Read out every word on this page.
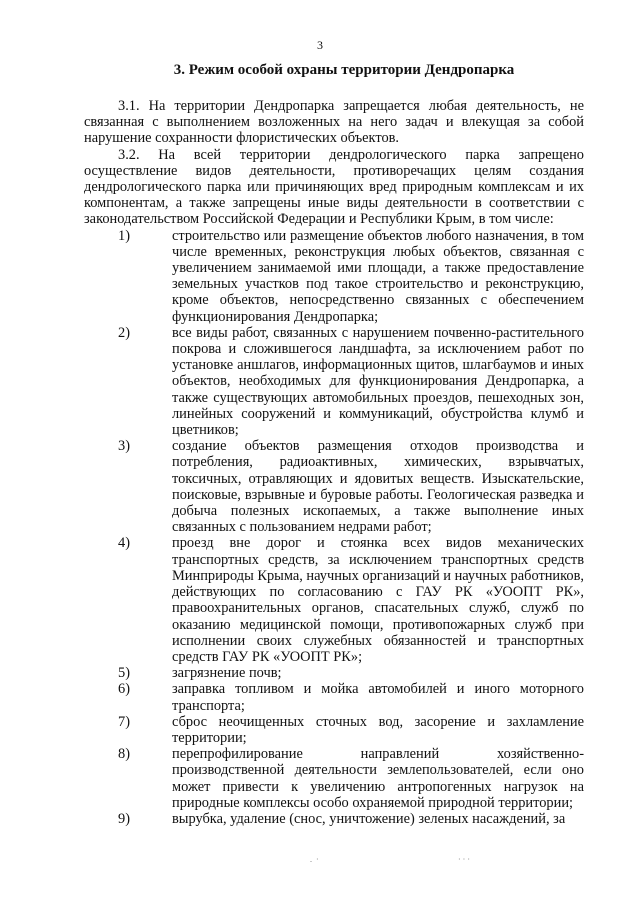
3
3. Режим особой охраны территории Дендропарка

3.1. На территории Дендропарка запрещается любая деятельность, не связанная с выполнением возложенных на него задач и влекущая за собой нарушение сохранности флористических объектов.

3.2. На всей территории дендрологического парка запрещено осуществление видов деятельности, противоречащих целям создания дендрологического парка или причиняющих вред природным комплексам и их компонентам, а также запрещены иные виды деятельности в соответствии с законодательством Российской Федерации и Республики Крым, в том числе:

1)	строительство или размещение объектов любого назначения, в том числе временных, реконструкция любых объектов, связанная с увеличением занимаемой ими площади, а также предоставление земельных участков под такое строительство и реконструкцию, кроме объектов, непосредственно связанных с обеспечением функционирования Дендропарка;

2)	все виды работ, связанных с нарушением почвенно-растительного покрова и сложившегося ландшафта, за исключением работ по установке аншлагов, информационных щитов, шлагбаумов и иных объектов, необходимых для функционирования Дендропарка, а также существующих автомобильных проездов, пешеходных зон, линейных сооружений и коммуникаций, обустройства клумб и цветников;

3)	создание объектов размещения отходов производства и потребления, радиоактивных, химических, взрывчатых, токсичных, отравляющих и ядовитых веществ. Изыскательские, поисковые, взрывные и буровые работы. Геологическая разведка и добыча полезных ископаемых, а также выполнение иных связанных с пользованием недрами работ;

4)	проезд вне дорог и стоянка всех видов механических транспортных средств, за исключением транспортных средств Минприроды Крыма, научных организаций и научных работников, действующих по согласованию с ГАУ РК «УООПТ РК», правоохранительных органов, спасательных служб, служб по оказанию медицинской помощи, противопожарных служб при исполнении своих служебных обязанностей и транспортных средств ГАУ РК «УООПТ РК»;

5)	загрязнение почв;

6)	заправка топливом и мойка автомобилей и иного моторного транспорта;

7)	сброс неочищенных сточных вод, засорение и захламление территории;

8)	перепрофилирование направлений хозяйственно-производственной деятельности землепользователей, если оно может привести к увеличению антропогенных нагрузок на природные комплексы особо охраняемой природной территории;

9)	вырубка, удаление (снос, уничтожение) зеленых насаждений, за

.  ·	· · ·
